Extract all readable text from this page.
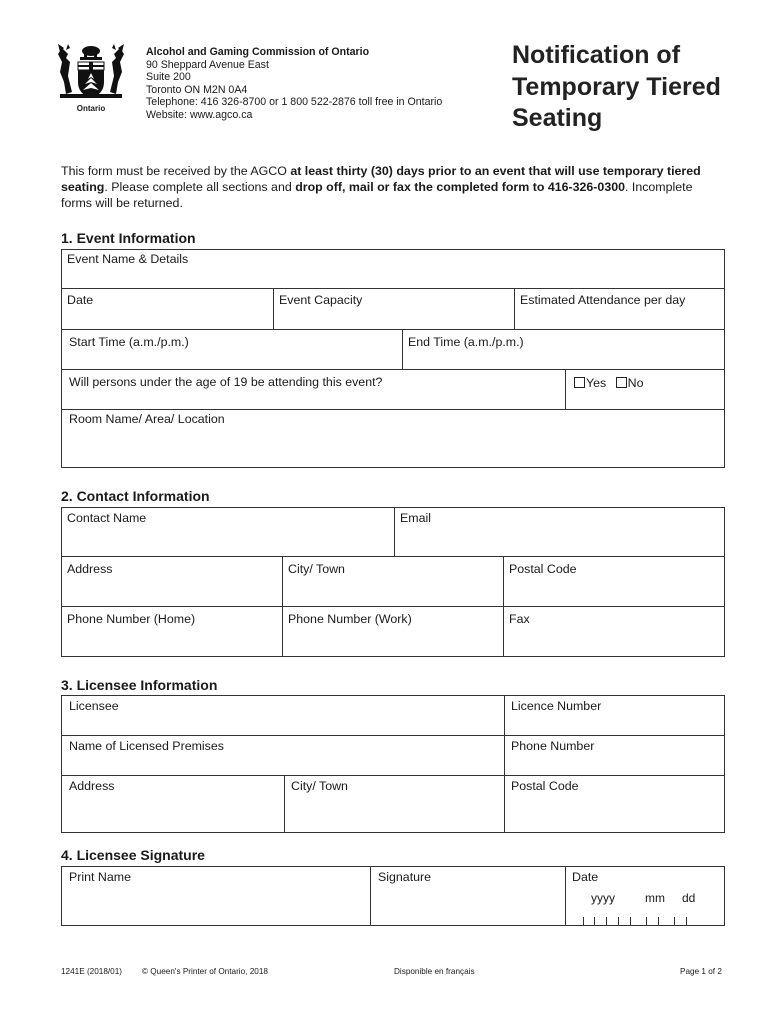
Ontario
Alcohol and Gaming Commission of Ontario
90 Sheppard Avenue East
Suite 200
Toronto ON M2N 0A4
Telephone: 416 326-8700 or 1 800 522-2876 toll free in Ontario
Website: www.agco.ca
Notification of
Temporary Tiered
Seating
This form must be received by the AGCO at least thirty (30) days prior to an event that will use temporary tiered seating. Please complete all sections and drop off, mail or fax the completed form to 416-326-0300. Incomplete forms will be returned.
1. Event Information
Event Name & Details
Date	Event Capacity	Estimated Attendance per day
Start Time (a.m./p.m.)	End Time (a.m./p.m.)
Will persons under the age of 19 be attending this event?	Yes No
Room Name/ Area/ Location
2. Contact Information
Contact Name	Email
Address	City/ Town	Postal Code
Phone Number (Home)	Phone Number (Work)	Fax
3. Licensee Information
Licensee	Licence Number
Name of Licensed Premises	Phone Number
Address	City/ Town	Postal Code
4. Licensee Signature
Print Name	Signature	Date
yyyy	mm dd
1241E (2018/01) © Queen's Printer of Ontario, 2018	Disponible en français	Page 1 of 2
